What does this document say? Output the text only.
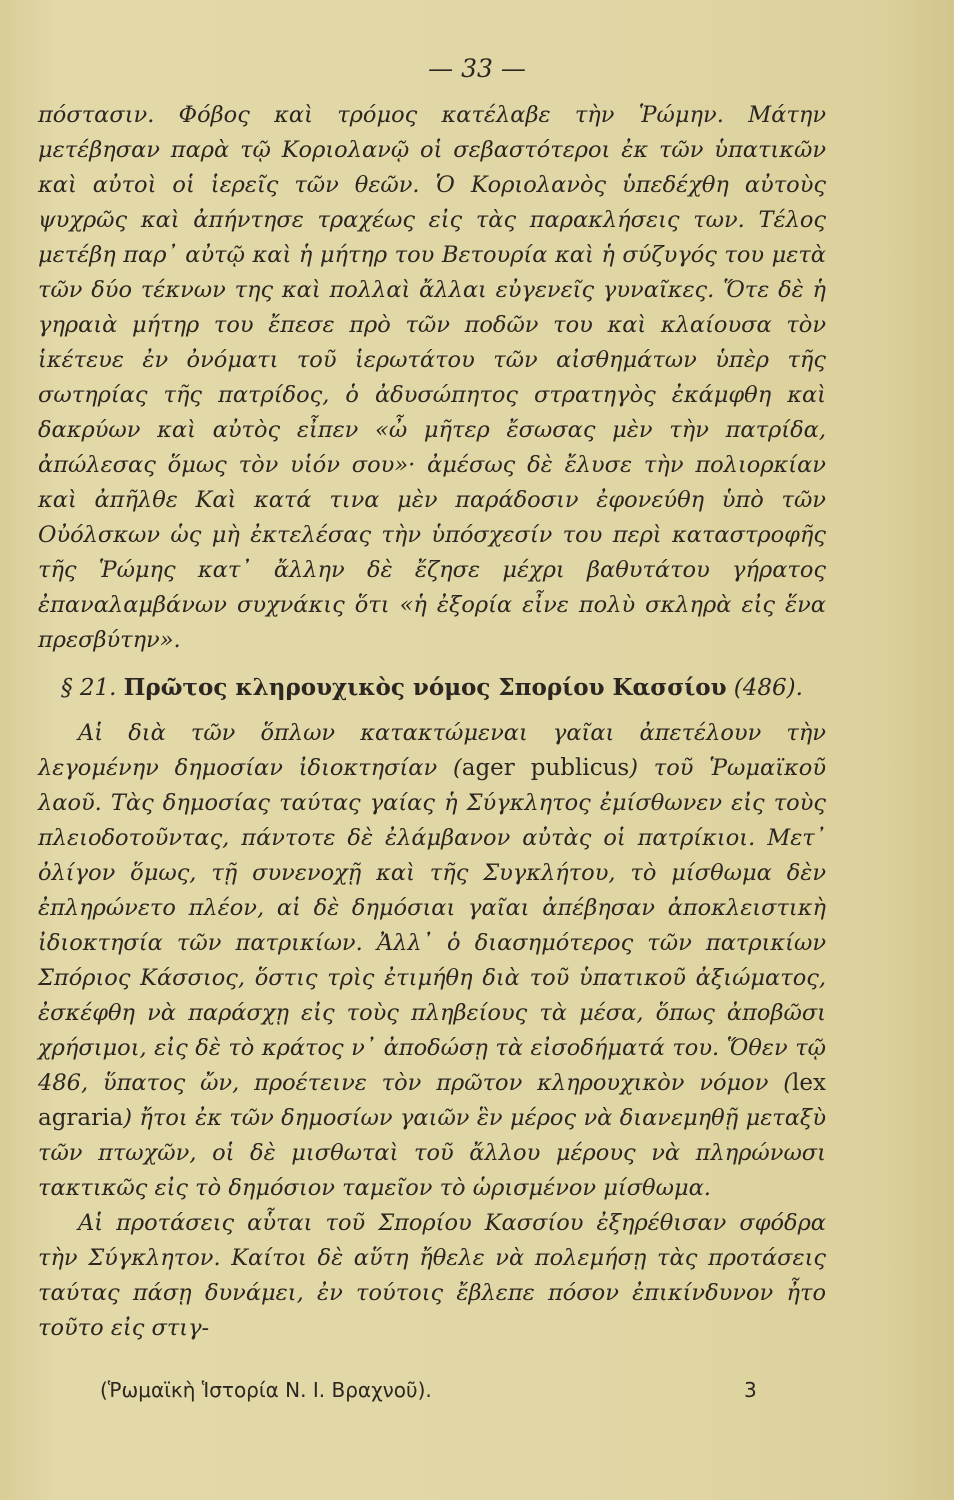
— 33 —

πόστασιν. Φόβος καὶ τρόμος κατέλαβε τὴν Ῥώμην. Μάτην μετέβησαν παρὰ τῷ Κοριολανῷ οἱ σεβαστότεροι ἐκ τῶν ὑπατικῶν καὶ αὐτοὶ οἱ ἱερεῖς τῶν θεῶν. Ὁ Κοριολανὸς ὑπεδέχθη αὐτοὺς ψυχρῶς καὶ ἀπήντησε τραχέως εἰς τὰς παρακλήσεις των. Τέλος μετέβη παρ᾿ αὐτῷ καὶ ἡ μήτηρ του Βετουρία καὶ ἡ σύζυγός του μετὰ τῶν δύο τέκνων της καὶ πολλαὶ ἄλλαι εὐγενεῖς γυναῖκες. Ὅτε δὲ ἡ γηραιὰ μήτηρ του ἔπεσε πρὸ τῶν ποδῶν του καὶ κλαίουσα τὸν ἱκέτευε ἐν ὀνόματι τοῦ ἱερωτάτου τῶν αἰσθημάτων ὑπὲρ τῆς σωτηρίας τῆς πατρίδος, ὁ ἀδυσώπητος στρατηγὸς ἐκάμφθη καὶ δακρύων καὶ αὐτὸς εἶπεν «ὦ μῆτερ ἔσωσας μὲν τὴν πατρίδα, ἀπώλεσας ὅμως τὸν υἱόν σου»· ἀμέσως δὲ ἔλυσε τὴν πολιορκίαν καὶ ἀπῆλθε Καὶ κατά τινα μὲν παράδοσιν ἐφονεύθη ὑπὸ τῶν Οὐόλσκων ὡς μὴ ἐκτελέσας τὴν ὑπόσχεσίν του περὶ καταστροφῆς τῆς Ῥώμης κατ᾿ ἄλλην δὲ ἔζησε μέχρι βαθυτάτου γήρατος ἐπαναλαμβάνων συχνάκις ὅτι «ἡ ἐξορία εἶνε πολὺ σκληρὰ εἰς ἕνα πρεσβύτην».

§ 21. Πρῶτος κληρουχικὸς νόμος Σπορίου Κασσίου (486).

Αἱ διὰ τῶν ὅπλων κατακτώμεναι γαῖαι ἀπετέλουν τὴν λεγομένην δημοσίαν ἰδιοκτησίαν (ager publicus) τοῦ Ῥωμαϊκοῦ λαοῦ. Τὰς δημοσίας ταύτας γαίας ἡ Σύγκλητος ἐμίσθωνεν εἰς τοὺς πλειοδοτοῦντας, πάντοτε δὲ ἐλάμβανον αὐτὰς οἱ πατρίκιοι. Μετ᾿ ὀλίγον ὅμως, τῇ συνενοχῇ καὶ τῆς Συγκλήτου, τὸ μίσθωμα δὲν ἐπληρώνετο πλέον, αἱ δὲ δημόσιαι γαῖαι ἀπέβησαν ἀποκλειστικὴ ἰδιοκτησία τῶν πατρικίων. Ἀλλ᾿ ὁ διασημότερος τῶν πατρικίων Σπόριος Κάσσιος, ὅστις τρὶς ἐτιμήθη διὰ τοῦ ὑπατικοῦ ἀξιώματος, ἐσκέφθη νὰ παράσχῃ εἰς τοὺς πληβείους τὰ μέσα, ὅπως ἀποβῶσι χρήσιμοι, εἰς δὲ τὸ κράτος ν᾿ ἀποδώσῃ τὰ εἰσοδήματά του. Ὅθεν τῷ 486, ὕπατος ὤν, προέτεινε τὸν πρῶτον κληρουχικὸν νόμον (lex agraria) ἤτοι ἐκ τῶν δημοσίων γαιῶν ἓν μέρος νὰ διανεμηθῇ μεταξὺ τῶν πτωχῶν, οἱ δὲ μισθωταὶ τοῦ ἄλλου μέρους νὰ πληρώνωσι τακτικῶς εἰς τὸ δημόσιον ταμεῖον τὸ ὡρισμένον μίσθωμα.

Αἱ προτάσεις αὗται τοῦ Σπορίου Κασσίου ἐξηρέθισαν σφόδρα τὴν Σύγκλητον. Καίτοι δὲ αὕτη ἤθελε νὰ πολεμήσῃ τὰς προτάσεις ταύτας πάσῃ δυνάμει, ἐν τούτοις ἔβλεπε πόσον ἐπικίνδυνον ἦτο τοῦτο εἰς στιγ-

(Ῥωμαϊκὴ Ἱστορία Ν. Ι. Βραχνοῦ).	3
